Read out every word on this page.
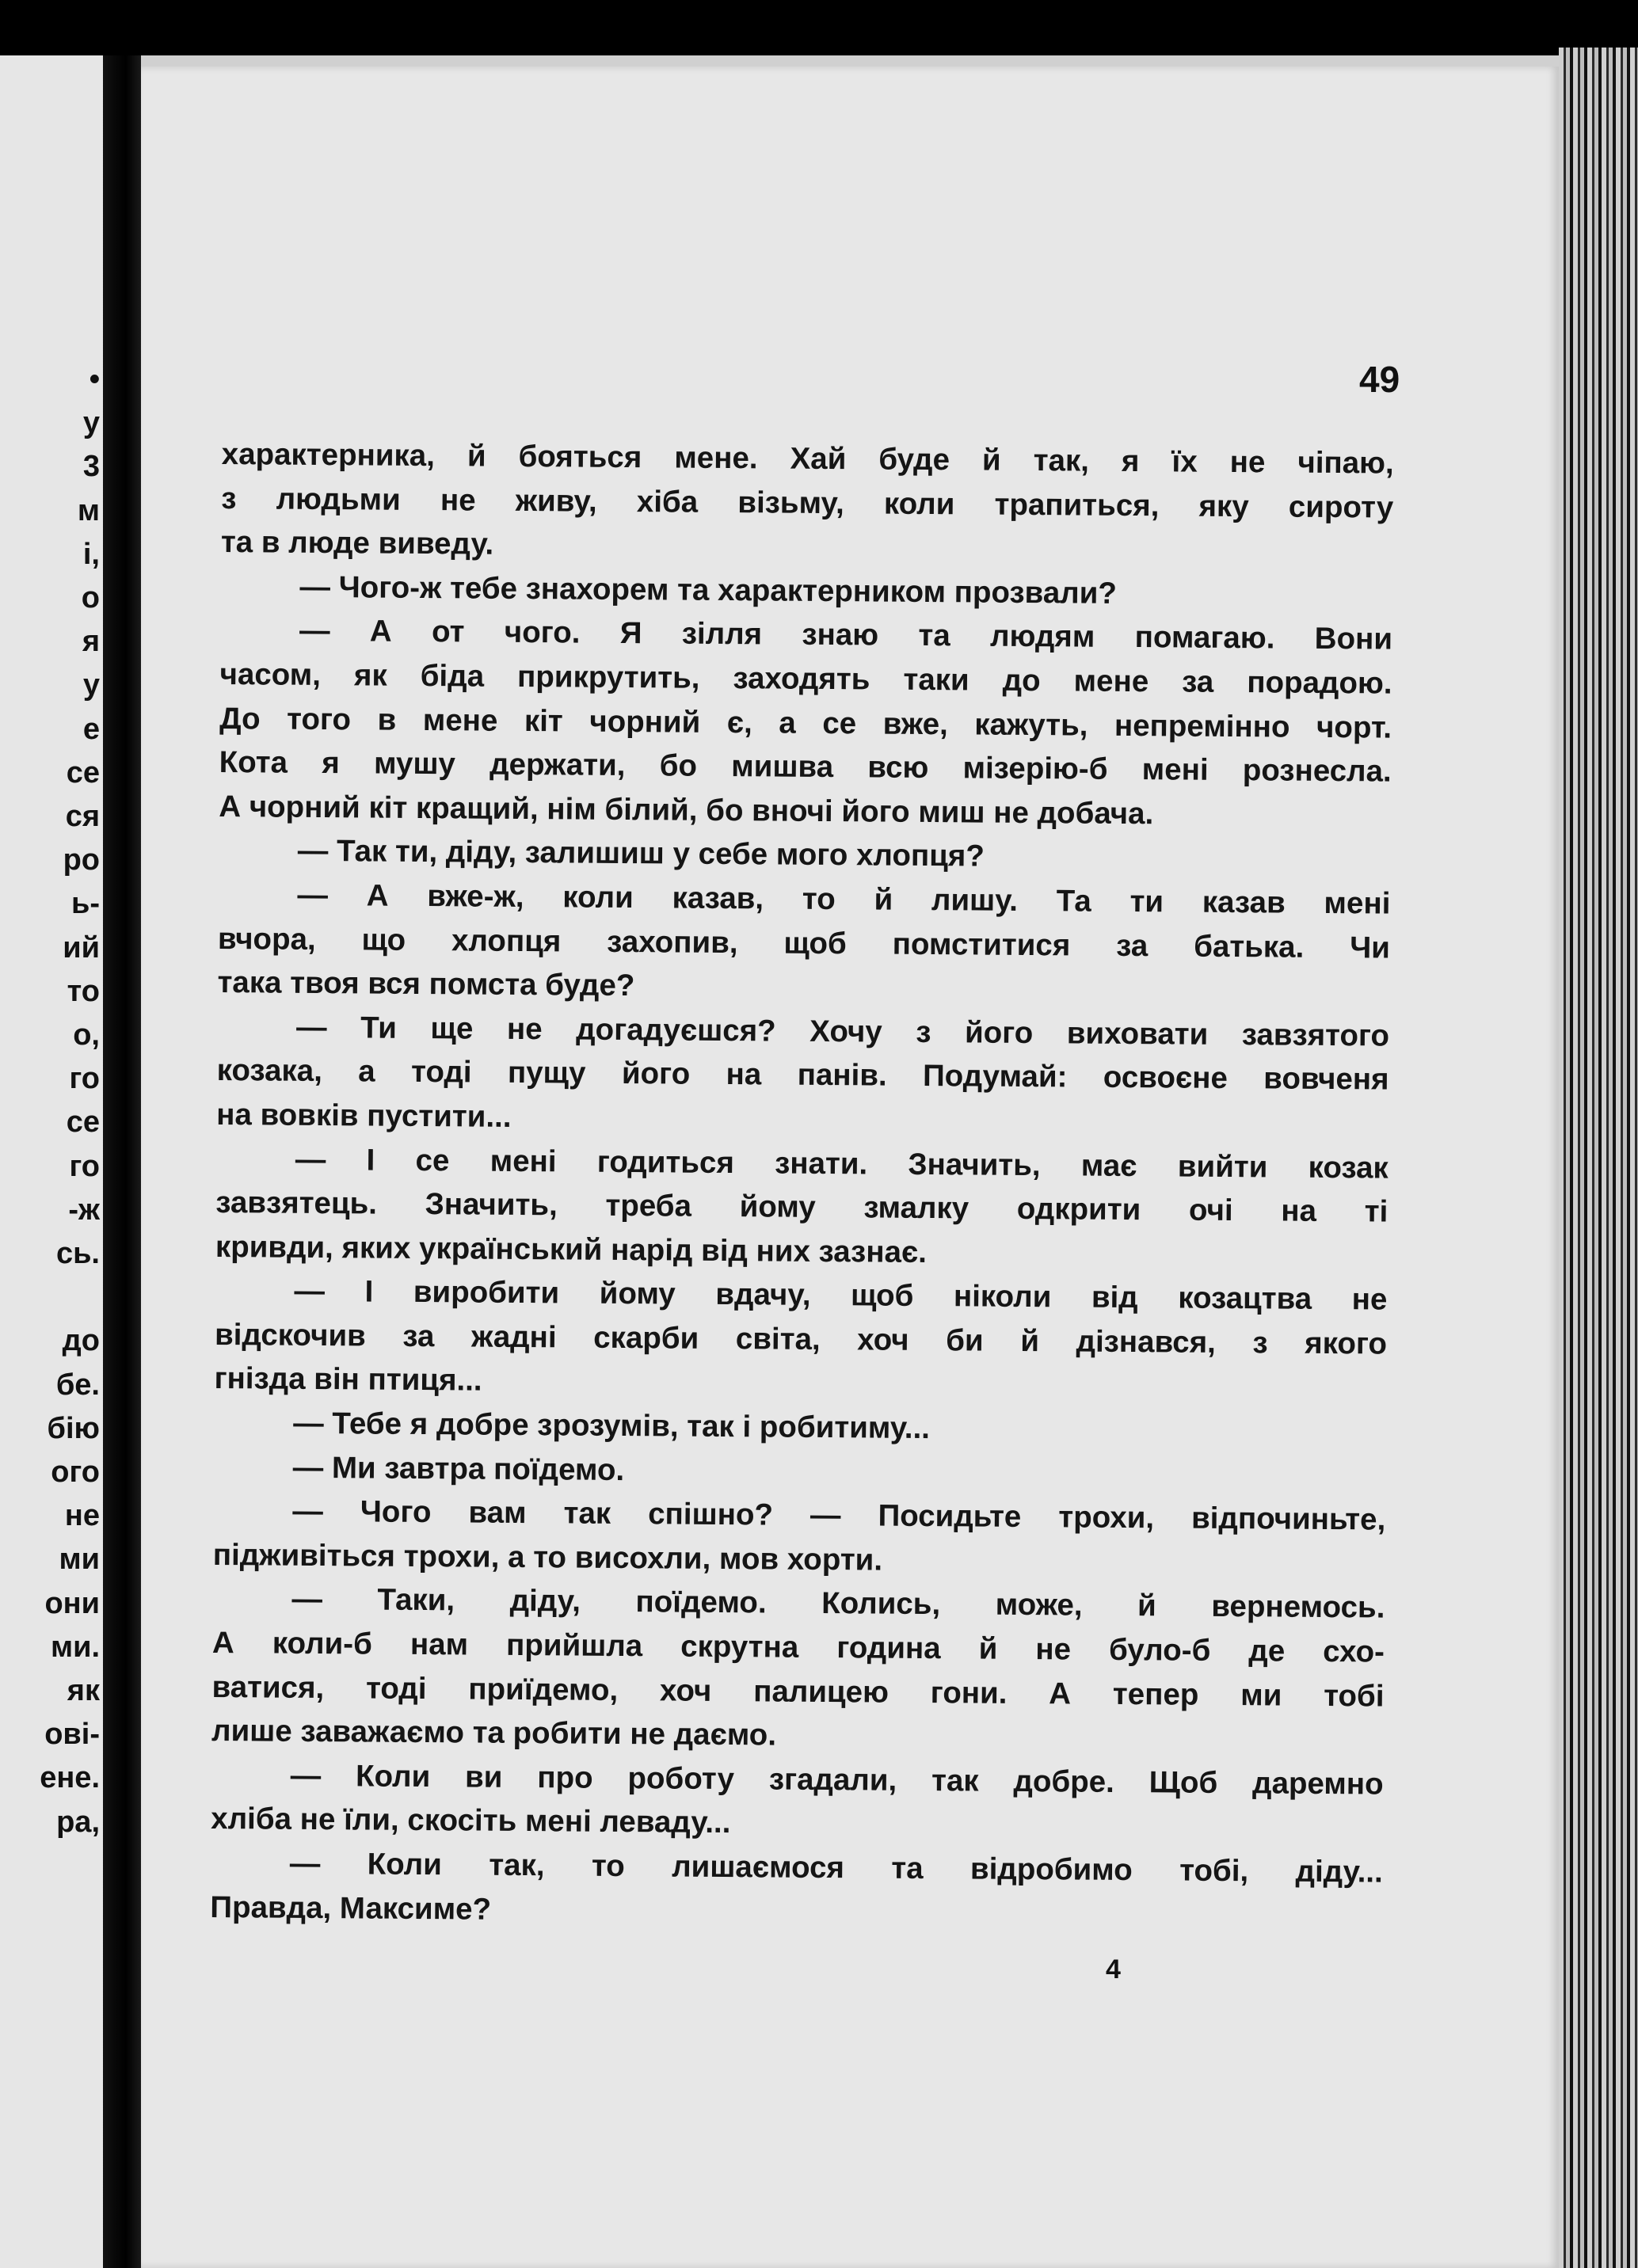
•
y
3
м
і,
o
я
y
е
се
ся
ро
ь-
ий
то
о,
го
се
го
-ж
сь.
до
бе.
бію
ого
не
ми
они
ми.
як
ові-
ене.
ра,
49
характерника, й бояться мене. Хай буде й так, я їх не чіпаю,
з людьми не живу, хіба візьму, коли трапиться, яку сироту
та в люде виведу.
— Чого-ж тебе знахорем та характерником прозвали?
— А от чого. Я зілля знаю та людям помагаю. Вони
часом, як біда прикрутить, заходять таки до мене за порадою.
До того в мене кіт чорний є, а се вже, кажуть, непремінно чорт.
Кота я мушу держати, бо мишва всю мізерію-б мені рознесла.
А чорний кіт кращий, нім білий, бо вночі його миш не добача.
— Так ти, діду, залишиш у себе мого хлопця?
— А вже-ж, коли казав, то й лишу. Та ти казав мені
вчора, що хлопця захопив, щоб помститися за батька. Чи
така твоя вся помста буде?
— Ти ще не догадуєшся? Хочу з його виховати завзятого
козака, а тоді пущу його на панів. Подумай: освоєне вовченя
на вовків пустити...
— І се мені годиться знати. Значить, має вийти козак
завзятець. Значить, треба йому змалку одкрити очі на ті
кривди, яких український нарід від них зазнає.
— І виробити йому вдачу, щоб ніколи від козацтва не
відскочив за жадні скарби світа, хоч би й дізнався, з якого
гнізда він птиця...
— Тебе я добре зрозумів, так і робитиму...
— Ми завтра поїдемо.
— Чого вам так спішно? — Посидьте трохи, відпочиньте,
підживіться трохи, а то висохли, мов хорти.
— Таки, діду, поїдемо. Колись, може, й вернемось.
А коли-б нам прийшла скрутна година й не було-б де схо-
ватися, тоді приїдемо, хоч палицею гони. А тепер ми тобі
лише заважаємо та робити не даємо.
— Коли ви про роботу згадали, так добре. Щоб даремно
хліба не їли, скосіть мені леваду...
— Коли так, то лишаємося та відробимо тобі, діду...
Правда, Максиме?
4
